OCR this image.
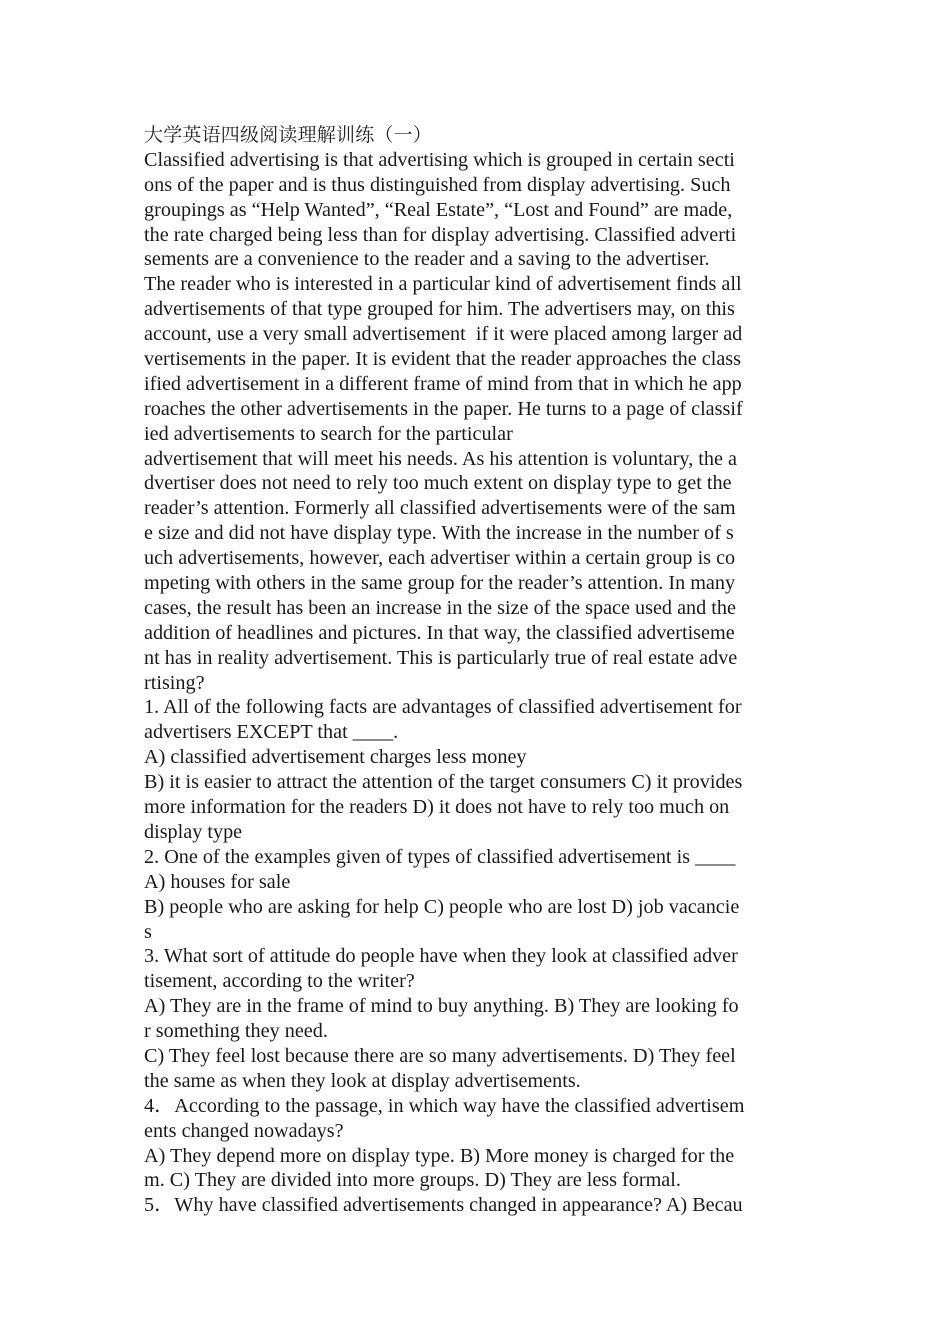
大学英语四级阅读理解训练（一）
Classified advertising is that advertising which is grouped in certain secti
ons of the paper and is thus distinguished from display advertising. Such
groupings as “Help Wanted”, “Real Estate”, “Lost and Found” are made,
the rate charged being less than for display advertising. Classified adverti
sements are a convenience to the reader and a saving to the advertiser.
The reader who is interested in a particular kind of advertisement finds all
advertisements of that type grouped for him. The advertisers may, on this
account, use a very small advertisement  if it were placed among larger ad
vertisements in the paper. It is evident that the reader approaches the class
ified advertisement in a different frame of mind from that in which he app
roaches the other advertisements in the paper. He turns to a page of classif
ied advertisements to search for the particular
advertisement that will meet his needs. As his attention is voluntary, the a
dvertiser does not need to rely too much extent on display type to get the
reader’s attention. Formerly all classified advertisements were of the sam
e size and did not have display type. With the increase in the number of s
uch advertisements, however, each advertiser within a certain group is co
mpeting with others in the same group for the reader’s attention. In many
cases, the result has been an increase in the size of the space used and the
addition of headlines and pictures. In that way, the classified advertiseme
nt has in reality advertisement. This is particularly true of real estate adve
rtising?
1. All of the following facts are advantages of classified advertisement for
advertisers EXCEPT that ____.
A) classified advertisement charges less money
B) it is easier to attract the attention of the target consumers C) it provides
more information for the readers D) it does not have to rely too much on
display type
2. One of the examples given of types of classified advertisement is ____
A) houses for sale
B) people who are asking for help C) people who are lost D) job vacancie
s
3. What sort of attitude do people have when they look at classified adver
tisement, according to the writer?
A) They are in the frame of mind to buy anything. B) They are looking fo
r something they need.
C) They feel lost because there are so many advertisements. D) They feel
the same as when they look at display advertisements.
4．According to the passage, in which way have the classified advertisem
ents changed nowadays?
A) They depend more on display type. B) More money is charged for the
m. C) They are divided into more groups. D) They are less formal.
5．Why have classified advertisements changed in appearance? A) Becau
